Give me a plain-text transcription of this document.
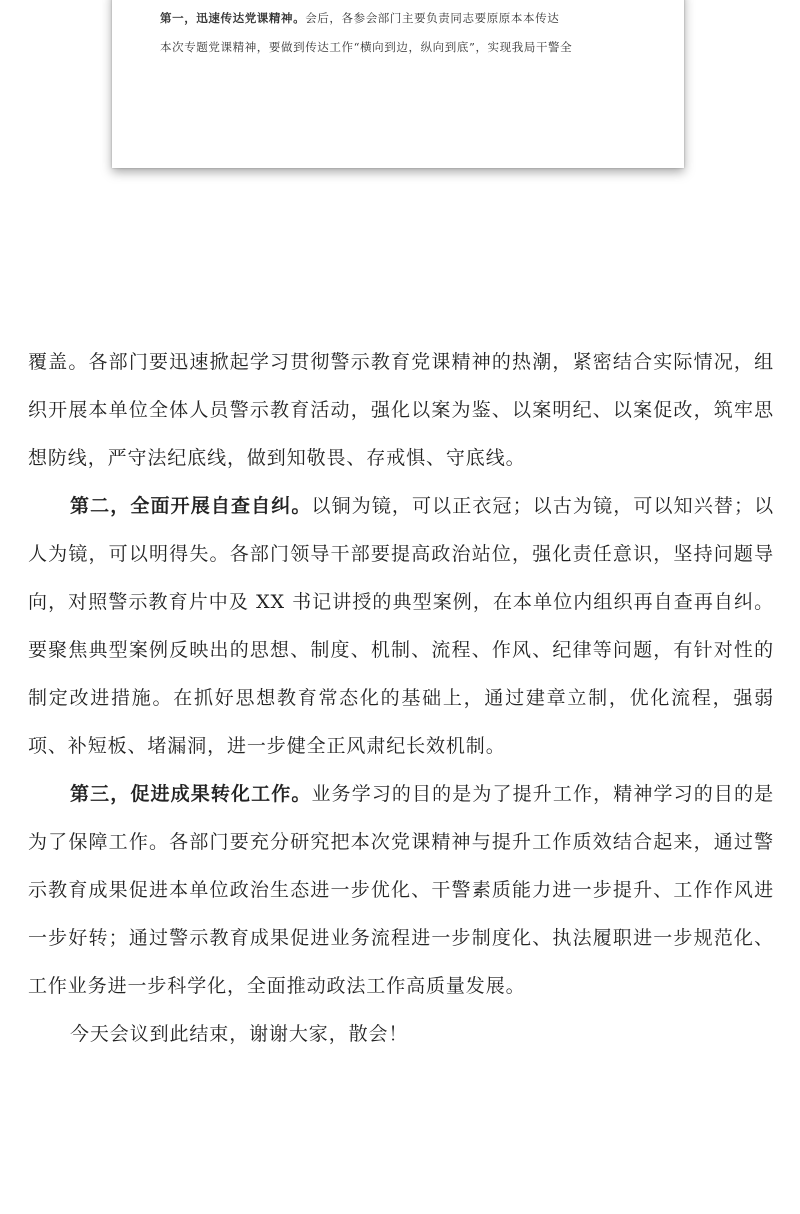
第一，迅速传达党课精神。会后，各参会部门主要负责同志要原原本本传达
本次专题党课精神，要做到传达工作“横向到边，纵向到底”，实现我局干警全

覆盖。各部门要迅速掀起学习贯彻警示教育党课精神的热潮，紧密结合实际情况，组织开展本单位全体人员警示教育活动，强化以案为鉴、以案明纪、以案促改，筑牢思想防线，严守法纪底线，做到知敬畏、存戒惧、守底线。

第二，全面开展自查自纠。以铜为镜，可以正衣冠；以古为镜，可以知兴替；以人为镜，可以明得失。各部门领导干部要提高政治站位，强化责任意识，坚持问题导向，对照警示教育片中及 XX 书记讲授的典型案例，在本单位内组织再自查再自纠。要聚焦典型案例反映出的思想、制度、机制、流程、作风、纪律等问题，有针对性的制定改进措施。在抓好思想教育常态化的基础上，通过建章立制，优化流程，强弱项、补短板、堵漏洞，进一步健全正风肃纪长效机制。

第三，促进成果转化工作。业务学习的目的是为了提升工作，精神学习的目的是为了保障工作。各部门要充分研究把本次党课精神与提升工作质效结合起来，通过警示教育成果促进本单位政治生态进一步优化、干警素质能力进一步提升、工作作风进一步好转；通过警示教育成果促进业务流程进一步制度化、执法履职进一步规范化、工作业务进一步科学化，全面推动政法工作高质量发展。

今天会议到此结束，谢谢大家，散会！
